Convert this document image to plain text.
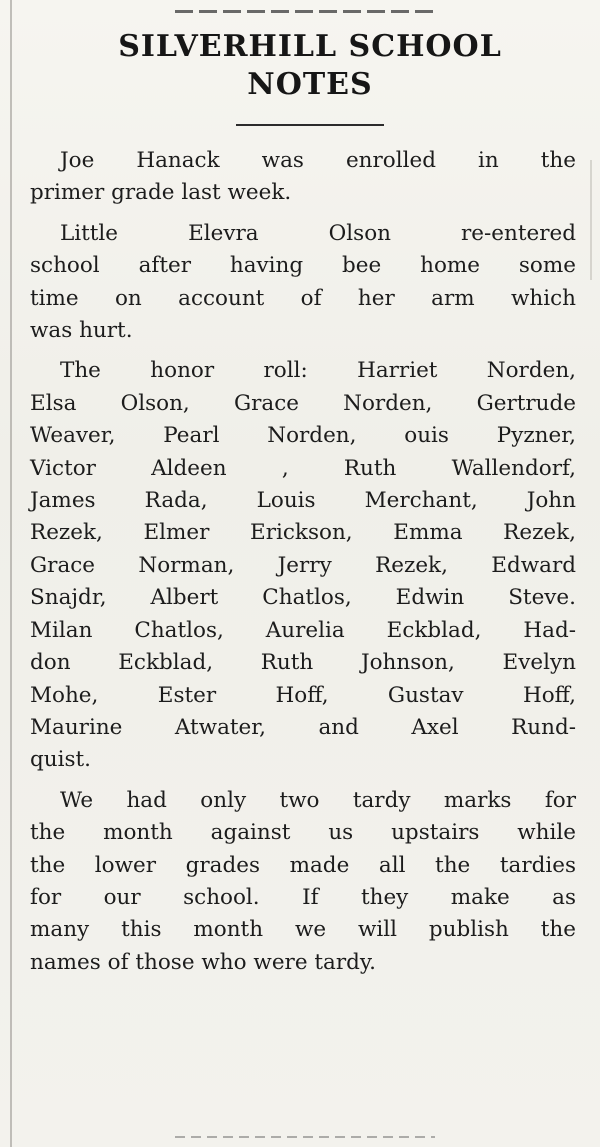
SILVERHILL SCHOOL
NOTES

Joe Hanack was enrolled in the
primer grade last week.

Little Elevra Olson re-entered
school after having bee home some
time on account of her arm which
was hurt.

The honor roll: Harriet Norden,
Elsa Olson, Grace Norden, Gertrude
Weaver, Pearl Norden, ouis Pyzner,
Victor Aldeen , Ruth Wallendorf,
James Rada, Louis Merchant, John
Rezek, Elmer Erickson, Emma Rezek,
Grace Norman, Jerry Rezek, Edward
Snajdr, Albert Chatlos, Edwin Steve.
Milan Chatlos, Aurelia Eckblad, Had-
don Eckblad, Ruth Johnson, Evelyn
Mohe, Ester Hoff, Gustav Hoff,
Maurine Atwater, and Axel Rund-
quist.

We had only two tardy marks for
the month against us upstairs while
the lower grades made all the tardies
for our school. If they make as
many this month we will publish the
names of those who were tardy.
